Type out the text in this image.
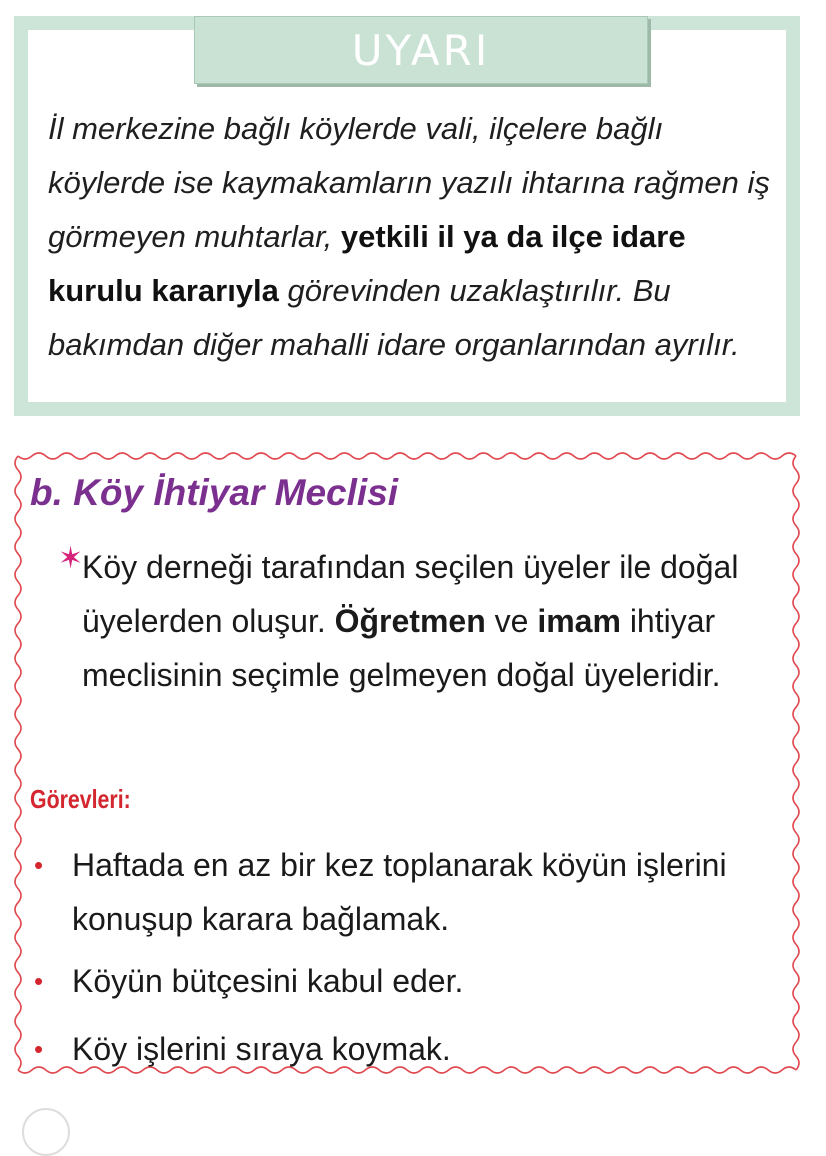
UYARI
İl merkezine bağlı köylerde vali, ilçelere bağlı köylerde ise kaymakamların yazılı ihtarına rağmen iş görmeyen muhtarlar, yetkili il ya da ilçe idare kurulu kararıyla görevinden uzaklaştırılır. Bu bakımdan diğer mahalli idare organlarından ayrılır.
b. Köy İhtiyar Meclisi
✶
Köy derneği tarafından seçilen üyeler ile doğal üyelerden oluşur. Öğretmen ve imam ihtiyar meclisinin seçimle gelmeyen doğal üyeleridir.
Görevleri:
• Haftada en az bir kez toplanarak köyün işlerini konuşup karara bağlamak.
• Köyün bütçesini kabul eder.
• Köy işlerini sıraya koymak.
